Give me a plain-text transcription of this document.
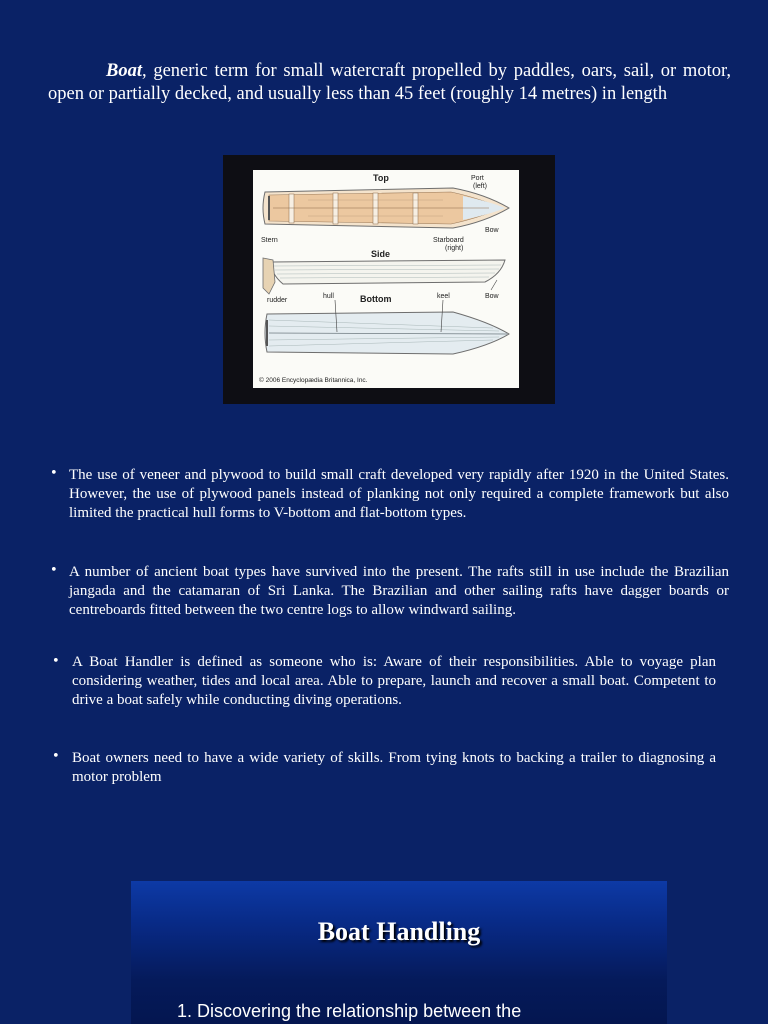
Boat, generic term for small watercraft propelled by paddles, oars, sail, or motor, open or partially decked, and usually less than 45 feet (roughly 14 metres) in length

Top	Port
(left)
Bow
Stern	Starboard
(right)
Side
rudder
hull	Bottom	keel	Bow
© 2006 Encyclopædia Britannica, Inc.
• The use of veneer and plywood to build small craft developed very rapidly after 1920 in the United States. However, the use of plywood panels instead of planking not only required a complete framework but also limited the practical hull forms to V-bottom and flat-bottom types.

• A number of ancient boat types have survived into the present. The rafts still in use include the Brazilian jangada and the catamaran of Sri Lanka. The Brazilian and other sailing rafts have dagger boards or centreboards fitted between the two centre logs to allow windward sailing.

• A Boat Handler is defined as someone who is: Aware of their responsibilities. Able to voyage plan considering weather, tides and local area. Able to prepare, launch and recover a small boat. Competent to drive a boat safely while conducting diving operations.

• Boat owners need to have a wide variety of skills. From tying knots to backing a trailer to diagnosing a motor problem

Boat Handling

1. Discovering the relationship between the
